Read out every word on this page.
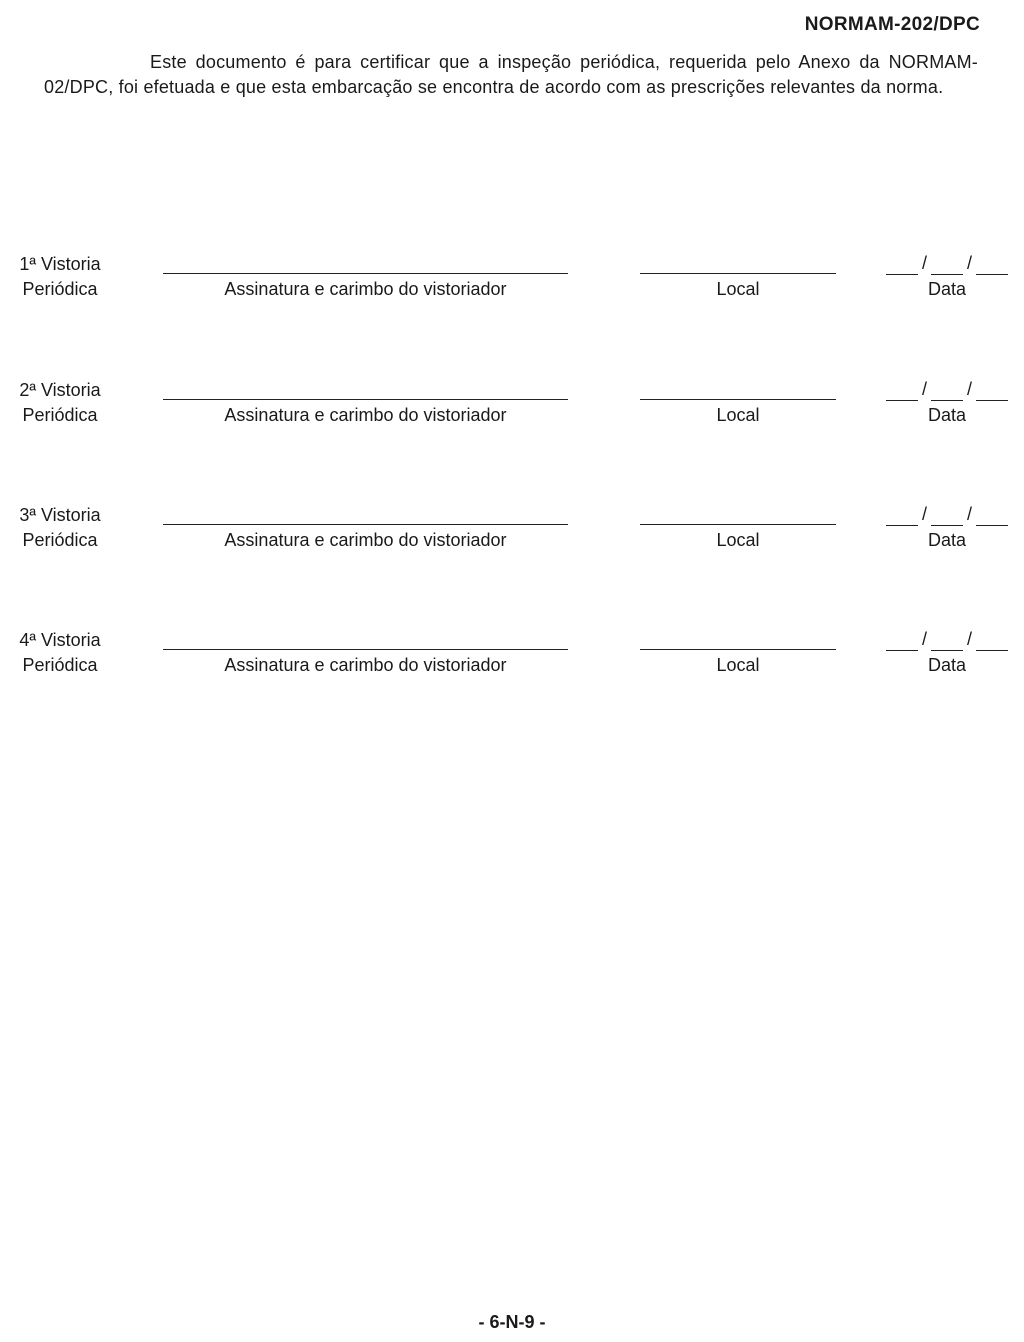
NORMAM-202/DPC

Este documento é para certificar que a inspeção periódica, requerida pelo Anexo da NORMAM-02/DPC, foi efetuada e que esta embarcação se encontra de acordo com as prescrições relevantes da norma.

1ª Vistoria
Periódica
/ /
Assinatura e carimbo do vistoriador	Local	Data
2ª Vistoria
Periódica
/ /
Assinatura e carimbo do vistoriador	Local	Data
3ª Vistoria
Periódica
/ /
Assinatura e carimbo do vistoriador	Local	Data
4ª Vistoria
Periódica
/ /
Assinatura e carimbo do vistoriador	Local	Data
- 6-N-9 -
